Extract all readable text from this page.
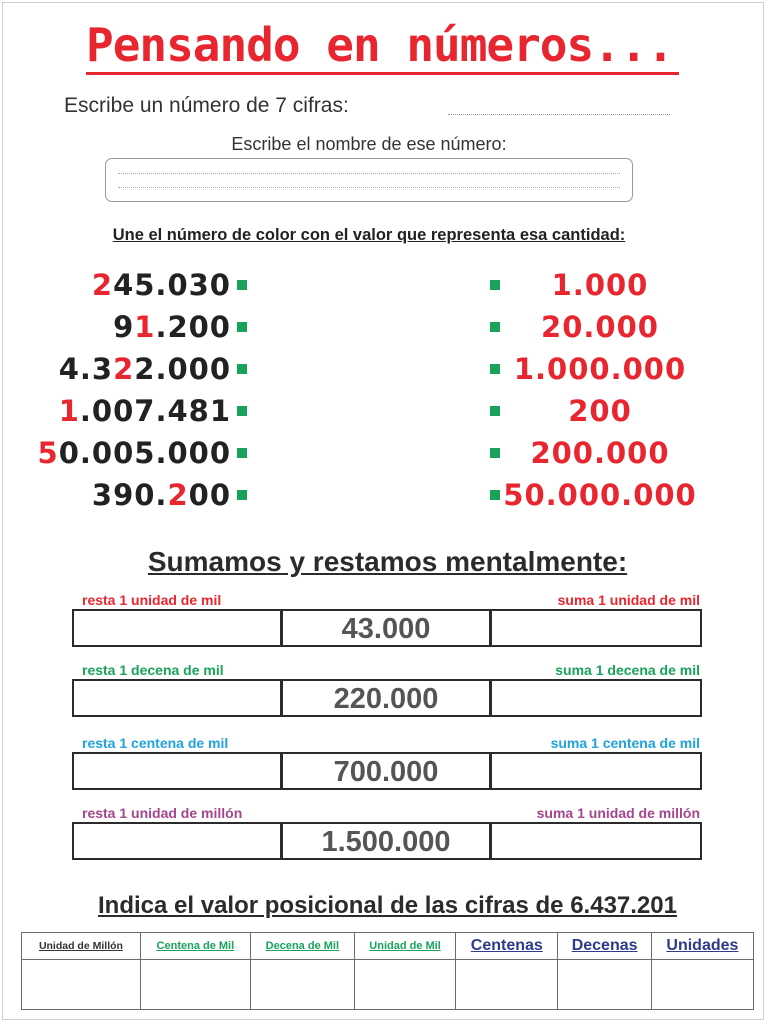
Pensando en números...
Escribe un número de 7 cifras:
Escribe el nombre de ese número:
Une el número de color con el valor que representa esa cantidad:
245.030
91.200
4.322.000
1.007.481
50.005.000
390.200
1.000
20.000
1.000.000
200
200.000
50.000.000
Sumamos y restamos mentalmente:
resta 1 unidad de mil	suma 1 unidad de mil
43.000
resta 1 decena de mil	suma 1 decena de mil
220.000
resta 1 centena de mil	suma 1 centena de mil
700.000
resta 1 unidad de millón	suma 1 unidad de millón
1.500.000
Indica el valor posicional de las cifras de 6.437.201
Unidad de Millón	Centena de Mil	Decena de Mil	Unidad de Mil	Centenas	Decenas	Unidades
